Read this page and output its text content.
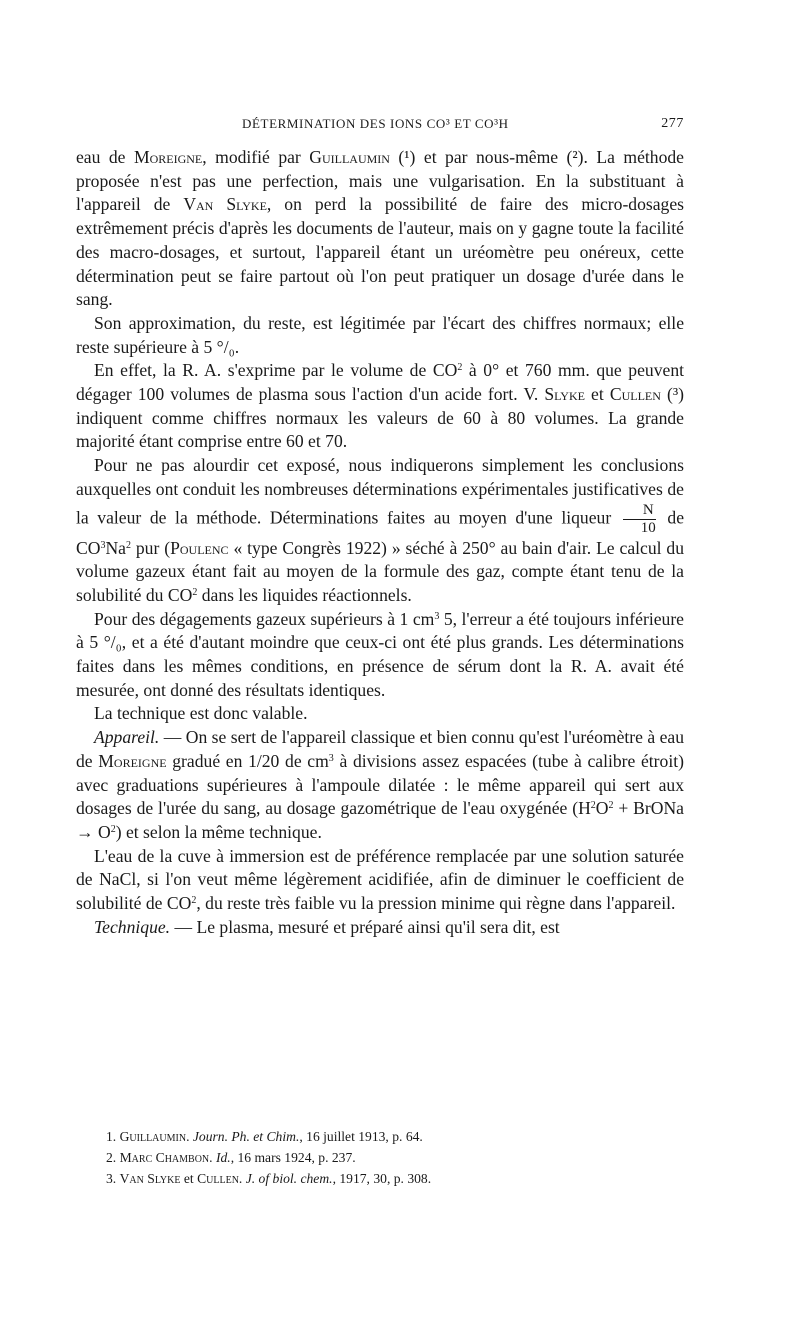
DÉTERMINATION DES IONS CO³ ET CO³H	277

eau de Moreigne, modifié par Guillaumin (¹) et par nous-même (²). La méthode proposée n'est pas une perfection, mais une vulgarisation. En la substituant à l'appareil de Van Slyke, on perd la possibilité de faire des micro-dosages extrêmement précis d'après les documents de l'auteur, mais on y gagne toute la facilité des macro-dosages, et surtout, l'appareil étant un uréomètre peu onéreux, cette détermination peut se faire partout où l'on peut pratiquer un dosage d'urée dans le sang.

Son approximation, du reste, est légitimée par l'écart des chiffres normaux; elle reste supérieure à 5 °/₀.

En effet, la R. A. s'exprime par le volume de $CO^2$ à 0° et 760 mm. que peuvent dégager 100 volumes de plasma sous l'action d'un acide fort. V. Slyke et Cullen (³) indiquent comme chiffres normaux les valeurs de 60 à 80 volumes. La grande majorité étant comprise entre 60 et 70.

Pour ne pas alourdir cet exposé, nous indiquerons simplement les conclusions auxquelles ont conduit les nombreuses déterminations expérimentales justificatives de la valeur de la méthode. Déterminations faites au moyen d'une liqueur $\frac{N}{10}$ de $CO^3Na^2$ pur (Poulenc « type Congrès 1922) » séché à 250° au bain d'air. Le calcul du volume gazeux étant fait au moyen de la formule des gaz, compte étant tenu de la solubilité du $CO^2$ dans les liquides réactionnels.

Pour des dégagements gazeux supérieurs à 1 $cm^3$ 5, l'erreur a été toujours inférieure à 5 °/₀, et a été d'autant moindre que ceux-ci ont été plus grands. Les déterminations faites dans les mêmes conditions, en présence de sérum dont la R. A. avait été mesurée, ont donné des résultats identiques.

La technique est donc valable.

Appareil. — On se sert de l'appareil classique et bien connu qu'est l'uréomètre à eau de Moreigne gradué en 1/20 de $cm^3$ à divisions assez espacées (tube à calibre étroit) avec graduations supérieures à l'ampoule dilatée : le même appareil qui sert aux dosages de l'urée du sang, au dosage gazométrique de l'eau oxygénée ($H^2O^2$ + BrONa → $O^2$) et selon la même technique.

L'eau de la cuve à immersion est de préférence remplacée par une solution saturée de NaCl, si l'on veut même légèrement acidifiée, afin de diminuer le coefficient de solubilité de $CO^2$, du reste très faible vu la pression minime qui règne dans l'appareil.

Technique. — Le plasma, mesuré et préparé ainsi qu'il sera dit, est

1. Guillaumin. Journ. Ph. et Chim., 16 juillet 1913, p. 64.
2. Marc Chambon. Id., 16 mars 1924, p. 237.
3. Van Slyke et Cullen. J. of biol. chem., 1917, 30, p. 308.
